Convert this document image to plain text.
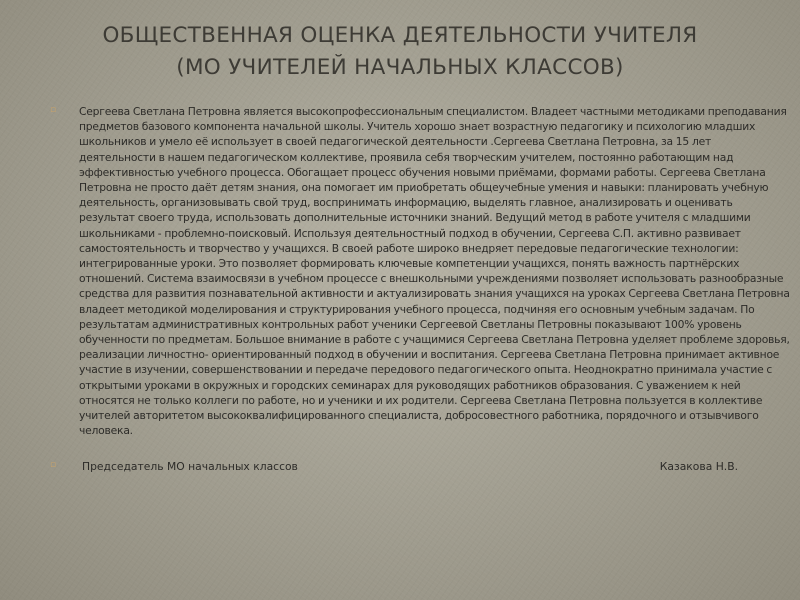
ОБЩЕСТВЕННАЯ ОЦЕНКА ДЕЯТЕЛЬНОСТИ УЧИТЕЛЯ
(МО УЧИТЕЛЕЙ НАЧАЛЬНЫХ КЛАССОВ)
▫ Сергеева Светлана Петровна является высокопрофессиональным специалистом. Владеет частными методиками преподавания предметов базового компонента начальной школы. Учитель хорошо знает возрастную педагогику и психологию младших школьников и умело её использует в своей педагогической деятельности .Сергеева Светлана Петровна, за 15 лет деятельности в нашем педагогическом коллективе, проявила себя творческим учителем, постоянно работающим над эффективностью учебного процесса. Обогащает процесс обучения новыми приёмами, формами работы. Сергеева Светлана Петровна не просто даёт детям знания, она помогает им приобретать общеучебные умения и навыки: планировать учебную деятельность, организовывать свой труд, воспринимать информацию, выделять главное, анализировать и оценивать результат своего труда, использовать дополнительные источники знаний. Ведущий метод в работе учителя с младшими школьниками - проблемно-поисковый. Используя деятельностный подход в обучении, Сергеева С.П. активно развивает самостоятельность и творчество у учащихся. В своей работе широко внедряет передовые педагогические технологии: интегрированные уроки. Это позволяет формировать ключевые компетенции учащихся, понять важность партнёрских отношений. Система взаимосвязи в учебном процессе с внешкольными учреждениями позволяет использовать разнообразные средства для развития познавательной активности и актуализировать знания учащихся на уроках Сергеева Светлана Петровна владеет методикой моделирования и структурирования учебного процесса, подчиняя его основным учебным задачам. По результатам административных контрольных работ ученики Сергеевой Светланы Петровны показывают 100% уровень обученности по предметам. Большое внимание в работе с учащимися Сергеева Светлана Петровна уделяет проблеме здоровья, реализации личностно- ориентированный подход в обучении и воспитания. Сергеева Светлана Петровна принимает активное участие в изучении, совершенствовании и передаче передового педагогического опыта. Неоднократно принимала участие с открытыми уроками в окружных и городских семинарах для руководящих работников образования. С уважением к ней относятся не только коллеги по работе, но и ученики и их родители. Сергеева Светлана Петровна пользуется в коллективе учителей авторитетом высококвалифицированного специалиста, добросовестного работника, порядочного и отзывчивого человека.
▫ Председатель МО начальных классов	Казакова Н.В.
